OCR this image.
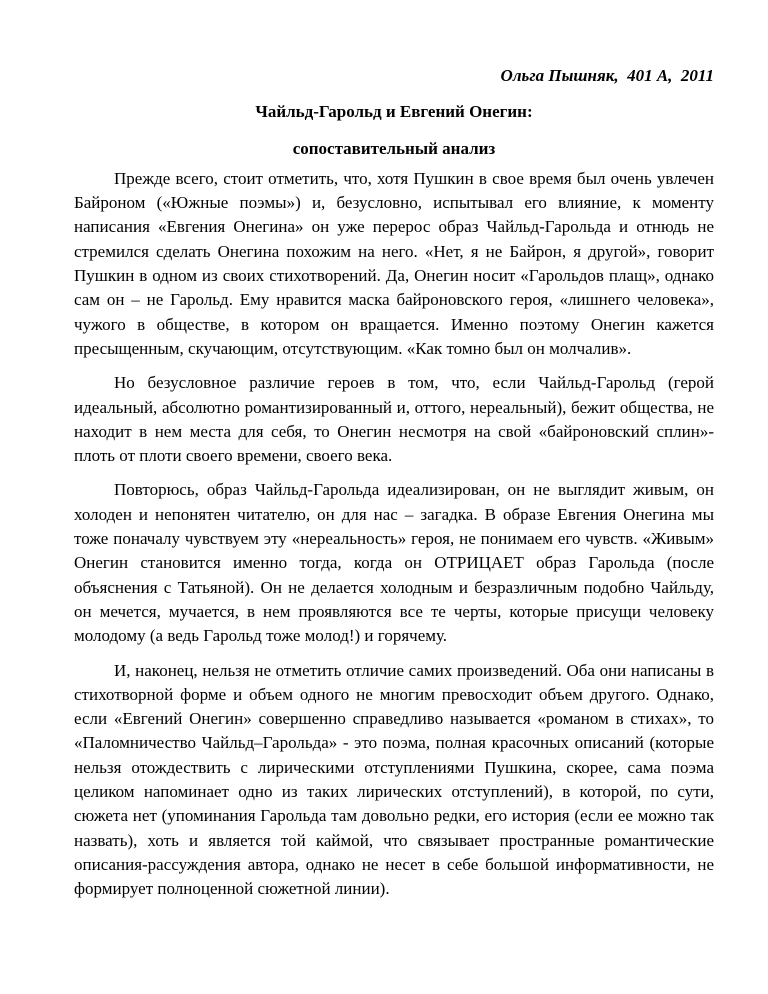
Ольга Пышняк,  401 А,  2011

Чайльд-Гарольд и Евгений Онегин:

сопоставительный анализ

Прежде всего, стоит отметить, что, хотя Пушкин в свое время был очень увлечен Байроном («Южные поэмы») и, безусловно, испытывал его влияние, к моменту написания «Евгения Онегина» он уже перерос образ Чайльд-Гарольда и отнюдь не стремился сделать Онегина похожим на него. «Нет, я не Байрон, я другой», говорит Пушкин в одном из своих стихотворений. Да, Онегин носит «Гарольдов плащ», однако сам он – не Гарольд. Ему нравится маска байроновского героя, «лишнего человека», чужого в обществе, в котором он вращается. Именно поэтому Онегин кажется пресыщенным, скучающим, отсутствующим. «Как томно был он молчалив».

Но безусловное различие героев в том, что, если Чайльд-Гарольд (герой идеальный, абсолютно романтизированный и, оттого, нереальный), бежит общества, не находит в нем места для себя, то Онегин несмотря на свой «байроновский сплин»- плоть от плоти своего времени, своего века.

Повторюсь, образ Чайльд-Гарольда идеализирован, он не выглядит живым, он холоден и непонятен читателю, он для нас – загадка. В образе Евгения Онегина мы тоже поначалу чувствуем эту «нереальность» героя, не понимаем его чувств. «Живым» Онегин становится именно тогда, когда он ОТРИЦАЕТ образ Гарольда (после объяснения с Татьяной). Он не делается холодным и безразличным подобно Чайльду, он мечется, мучается, в нем проявляются все те черты, которые присущи человеку молодому (а ведь Гарольд тоже молод!) и горячему.

И, наконец, нельзя не отметить отличие самих произведений. Оба они написаны в стихотворной форме и объем одного не многим превосходит объем другого. Однако, если «Евгений Онегин» совершенно справедливо называется «романом в стихах», то «Паломничество Чайльд–Гарольда» - это поэма, полная красочных описаний (которые нельзя отождествить с лирическими отступлениями Пушкина, скорее, сама поэма целиком напоминает одно из таких лирических отступлений), в которой, по сути, сюжета нет (упоминания Гарольда там довольно редки, его история (если ее можно так назвать), хоть и является той каймой, что связывает пространные романтические описания-рассуждения автора, однако не несет в себе большой информативности, не формирует полноценной сюжетной линии).
